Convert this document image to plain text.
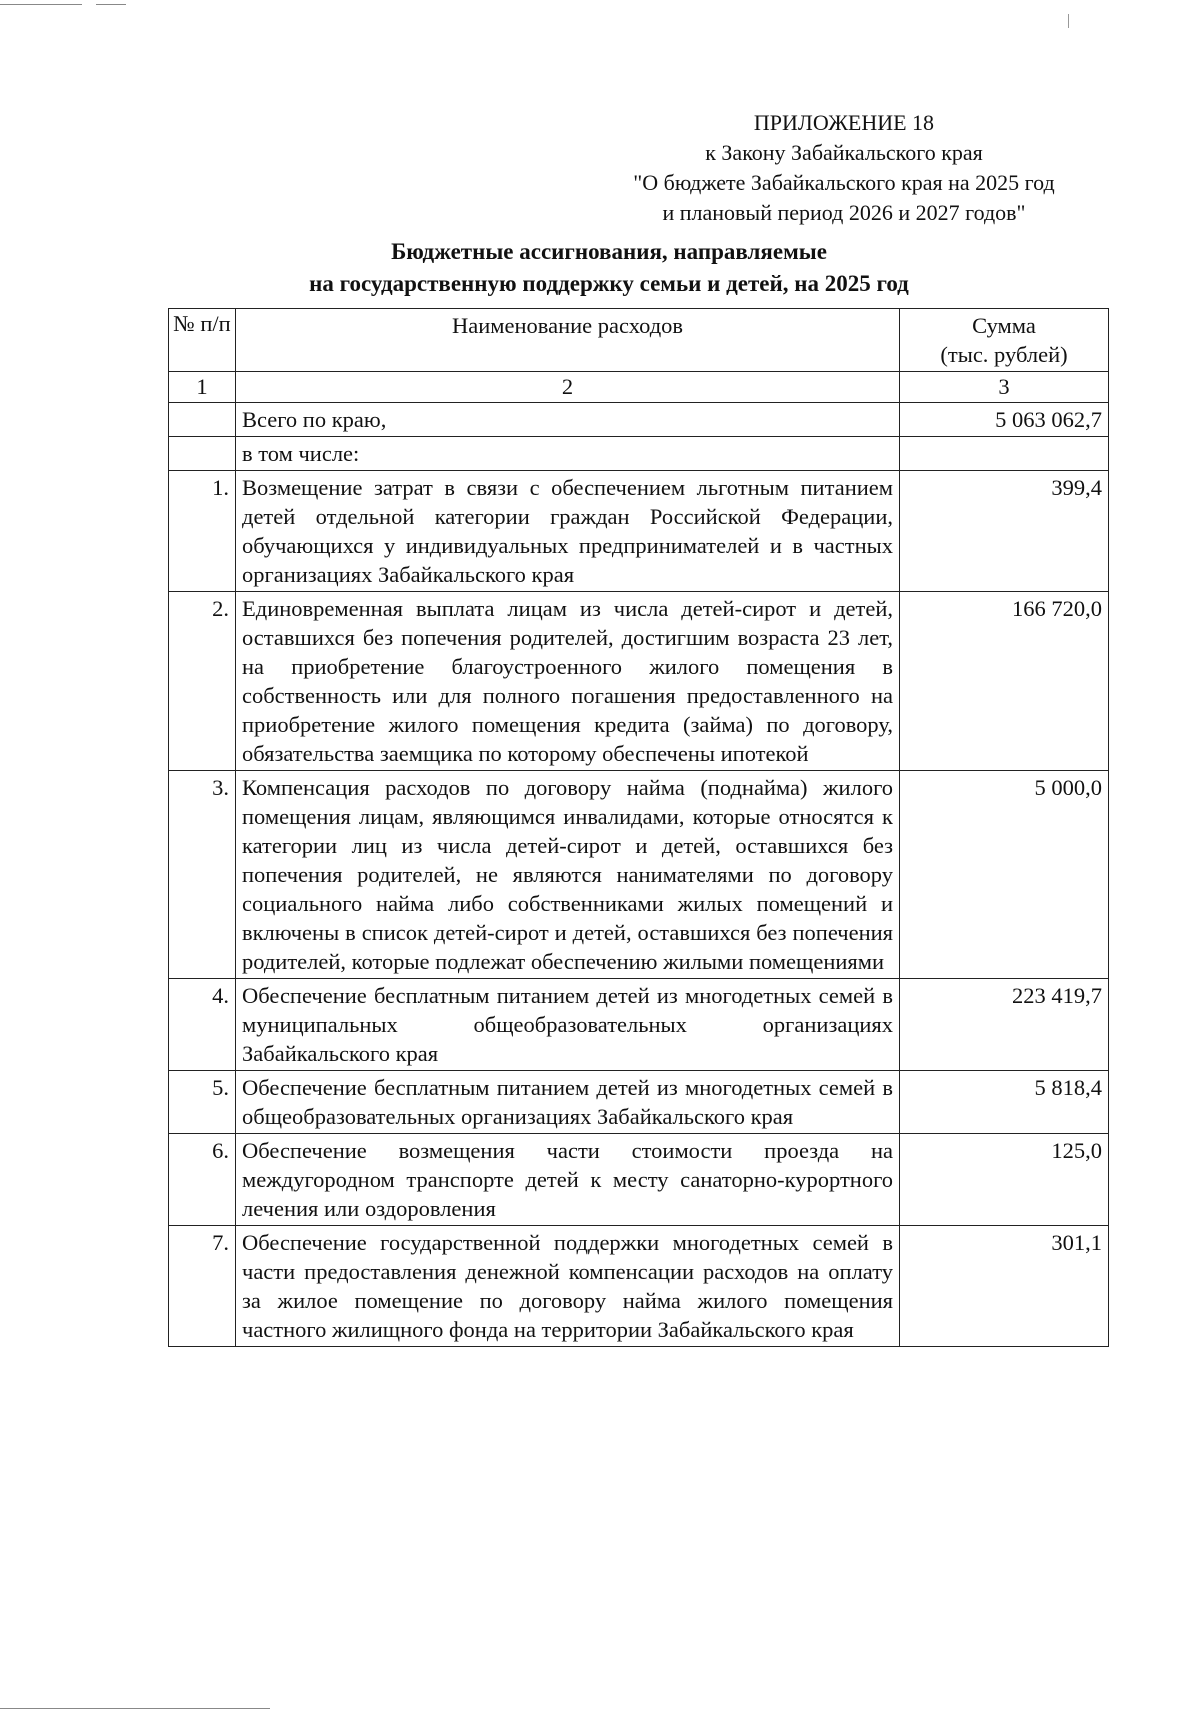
ПРИЛОЖЕНИЕ 18
к Закону Забайкальского края
"О бюджете Забайкальского края на 2025 год
и плановый период 2026 и 2027 годов"
Бюджетные ассигнования, направляемые
на государственную поддержку семьи и детей, на 2025 год
№ п/п	Наименование расходов	Сумма
(тыс. рублей)

1	2	3
	Всего по краю,	5 063 062,7
	в том числе:	
1.	Возмещение затрат в связи с обеспечением льготным питанием детей отдельной категории граждан Российской Федерации, обучающихся у индивидуальных предпринимателей и в частных организациях Забайкальского края	399,4
2.	Единовременная выплата лицам из числа детей-сирот и детей, оставшихся без попечения родителей, достигшим возраста 23 лет, на приобретение благоустроенного жилого помещения в собственность или для полного погашения предоставленного на приобретение жилого помещения кредита (займа) по договору, обязательства заемщика по которому обеспечены ипотекой	166 720,0
3.	Компенсация расходов по договору найма (поднайма) жилого помещения лицам, являющимся инвалидами, которые относятся к категории лиц из числа детей-сирот и детей, оставшихся без попечения родителей, не являются нанимателями по договору социального найма либо собственниками жилых помещений и включены в список детей-сирот и детей, оставшихся без попечения родителей, которые подлежат обеспечению жилыми помещениями	5 000,0
4.	Обеспечение бесплатным питанием детей из многодетных семей в муниципальных общеобразовательных организациях Забайкальского края	223 419,7
5.	Обеспечение бесплатным питанием детей из многодетных семей в общеобразовательных организациях Забайкальского края	5 818,4
6.	Обеспечение возмещения части стоимости проезда на междугородном транспорте детей к месту санаторно-курортного лечения или оздоровления	125,0
7.	Обеспечение государственной поддержки многодетных семей в части предоставления денежной компенсации расходов на оплату за жилое помещение по договору найма жилого помещения частного жилищного фонда на территории Забайкальского края	301,1
